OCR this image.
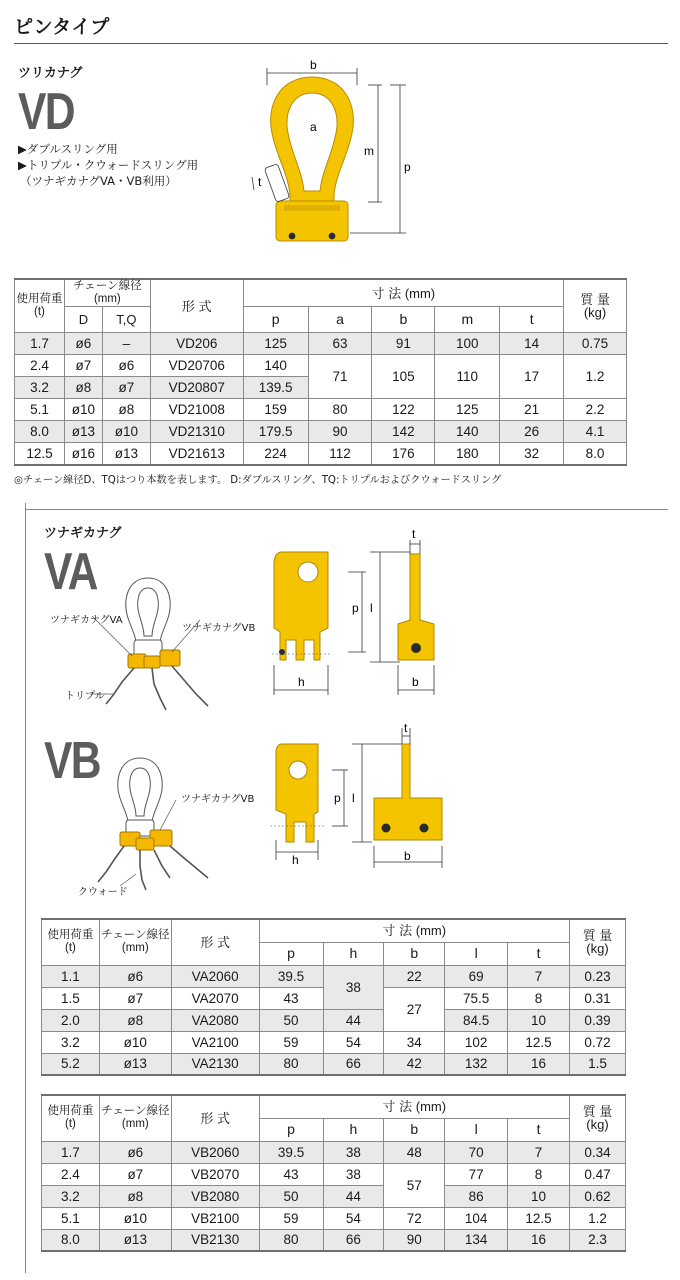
ピンタイプ
ツリカナグ
VD
▶ダブルスリング用
▶トリプル・クウォードスリング用
（ツナギカナグVA・VB利用）
b
a
m
p
t
使用荷重
(t)	チェーン線径 (mm)		形 式	寸 法 (mm)					質 量
(kg)
	D	T,Q		p	a	b	m	t	
1.7	ø6	–	VD206	125	63	91	100	14	0.75
2.4	ø7	ø6	VD20706	140	71	105	110	17	1.2
3.2	ø8	ø7	VD20807	139.5					
5.1	ø10	ø8	VD21008	159	80	122	125	21	2.2
8.0	ø13	ø10	VD21310	179.5	90	142	140	26	4.1
12.5	ø16	ø13	VD21613	224	112	176	180	32	8.0
◎チェーン線径D、TQはつり本数を表します。 D:ダブルスリング、TQ:トリプルおよびクウォードスリング
ツナギカナグ
VA
ツナギカナグVA
ツナギカナグVB
トリプル
p l
h
t
b
VB
ツナギカナグVB
クウォード
p l
h
t
b
使用荷重
(t)	チェーン線径
(mm)	形 式	寸 法 (mm)					質 量
(kg)
			p	h	b	l	t	
1.1	ø6	VA2060	39.5	38	22	69	7	0.23
1.5	ø7	VA2070	43		27	75.5	8	0.31
2.0	ø8	VA2080	50	44		84.5	10	0.39
3.2	ø10	VA2100	59	54	34	102	12.5	0.72
5.2	ø13	VA2130	80	66	42	132	16	1.5
使用荷重
(t)	チェーン線径
(mm)	形 式	寸 法 (mm)					質 量
(kg)
			p	h	b	l	t	
1.7	ø6	VB2060	39.5	38	48	70	7	0.34
2.4	ø7	VB2070	43	38	57	77	8	0.47
3.2	ø8	VB2080	50	44		86	10	0.62
5.1	ø10	VB2100	59	54	72	104	12.5	1.2
8.0	ø13	VB2130	80	66	90	134	16	2.3
